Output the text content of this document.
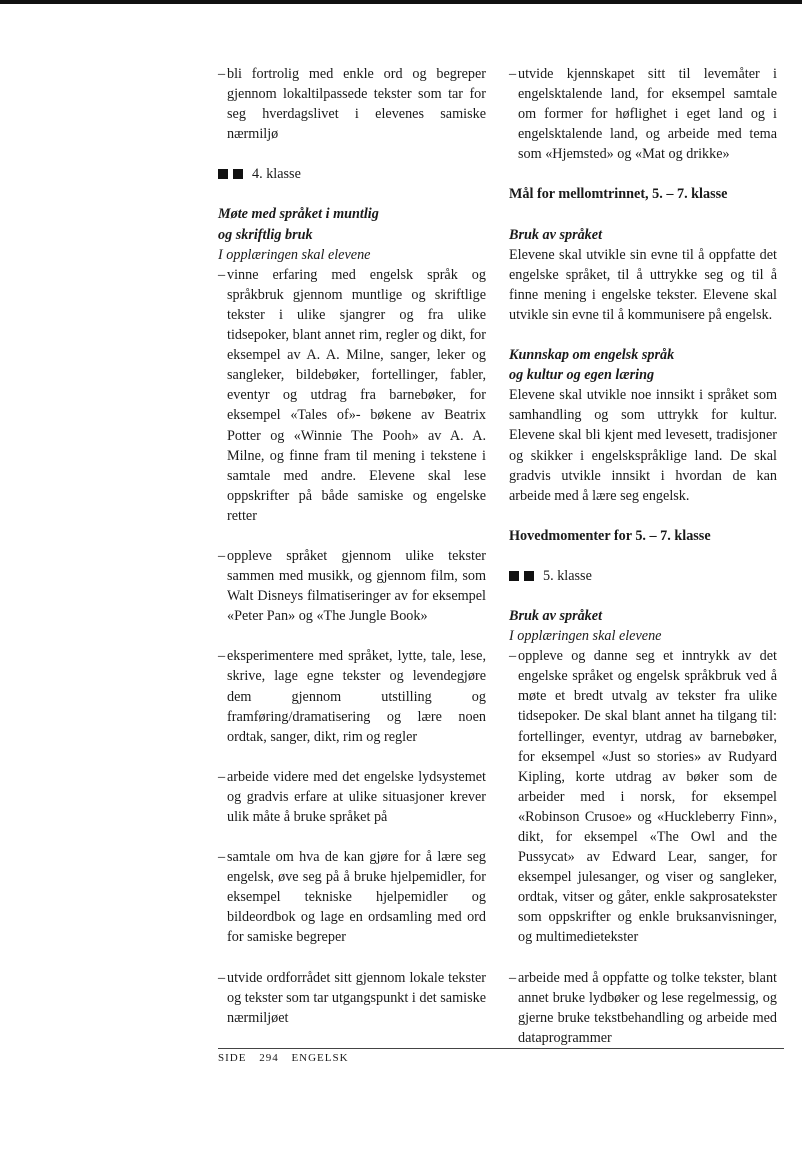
– bli fortrolig med enkle ord og begreper gjennom lokaltilpassede tekster som tar for seg hverdagslivet i elevenes samiske nærmiljø
4. klasse
Møte med språket i muntlig
og skriftlig bruk
I opplæringen skal elevene
– vinne erfaring med engelsk språk og språkbruk gjennom muntlige og skriftlige tekster i ulike sjangrer og fra ulike tidsepoker, blant annet rim, regler og dikt, for eksempel av A. A. Milne, sanger, leker og sangleker, bildebøker, fortellinger, fabler, eventyr og utdrag fra barnebøker, for eksempel «Tales of»- bøkene av Beatrix Potter og «Winnie The Pooh» av A. A. Milne, og finne fram til mening i tekstene i samtale med andre. Elevene skal lese oppskrifter på både samiske og engelske retter
– oppleve språket gjennom ulike tekster sammen med musikk, og gjennom film, som Walt Disneys filmatiseringer av for eksempel «Peter Pan» og «The Jungle Book»
– eksperimentere med språket, lytte, tale, lese, skrive, lage egne tekster og levendegjøre dem gjennom utstilling og framføring/dramatisering og lære noen ordtak, sanger, dikt, rim og regler
– arbeide videre med det engelske lydsystemet og gradvis erfare at ulike situasjoner krever ulik måte å bruke språket på
– samtale om hva de kan gjøre for å lære seg engelsk, øve seg på å bruke hjelpemidler, for eksempel tekniske hjelpemidler og bildeordbok og lage en ordsamling med ord for samiske begreper
– utvide ordforrådet sitt gjennom lokale tekster og tekster som tar utgangspunkt i det samiske nærmiljøet
– utvide kjennskapet sitt til levemåter i engelsktalende land, for eksempel samtale om former for høflighet i eget land og i engelsktalende land, og arbeide med tema som «Hjemsted» og «Mat og drikke»
Mål for mellomtrinnet, 5. – 7. klasse
Bruk av språket
Elevene skal utvikle sin evne til å oppfatte det engelske språket, til å uttrykke seg og til å finne mening i engelske tekster. Elevene skal utvikle sin evne til å kommunisere på engelsk.
Kunnskap om engelsk språk
og kultur og egen læring
Elevene skal utvikle noe innsikt i språket som samhandling og som uttrykk for kultur. Elevene skal bli kjent med levesett, tradisjoner og skikker i engelskspråklige land. De skal gradvis utvikle innsikt i hvordan de kan arbeide med å lære seg engelsk.
Hovedmomenter for 5. – 7. klasse
5. klasse
Bruk av språket
I opplæringen skal elevene
– oppleve og danne seg et inntrykk av det engelske språket og engelsk språkbruk ved å møte et bredt utvalg av tekster fra ulike tidsepoker. De skal blant annet ha tilgang til: fortellinger, eventyr, utdrag av barnebøker, for eksempel «Just so stories» av Rudyard Kipling, korte utdrag av bøker som de arbeider med i norsk, for eksempel «Robinson Crusoe» og «Huckleberry Finn», dikt, for eksempel «The Owl and the Pussycat» av Edward Lear, sanger, for eksempel julesanger, og viser og sangleker, ordtak, vitser og gåter, enkle sakprosatekster som oppskrifter og enkle bruksanvisninger, og multimedietekster
– arbeide med å oppfatte og tolke tekster, blant annet bruke lydbøker og lese regelmessig, og gjerne bruke tekstbehandling og arbeide med dataprogrammer
SIDE 294 ENGELSK
